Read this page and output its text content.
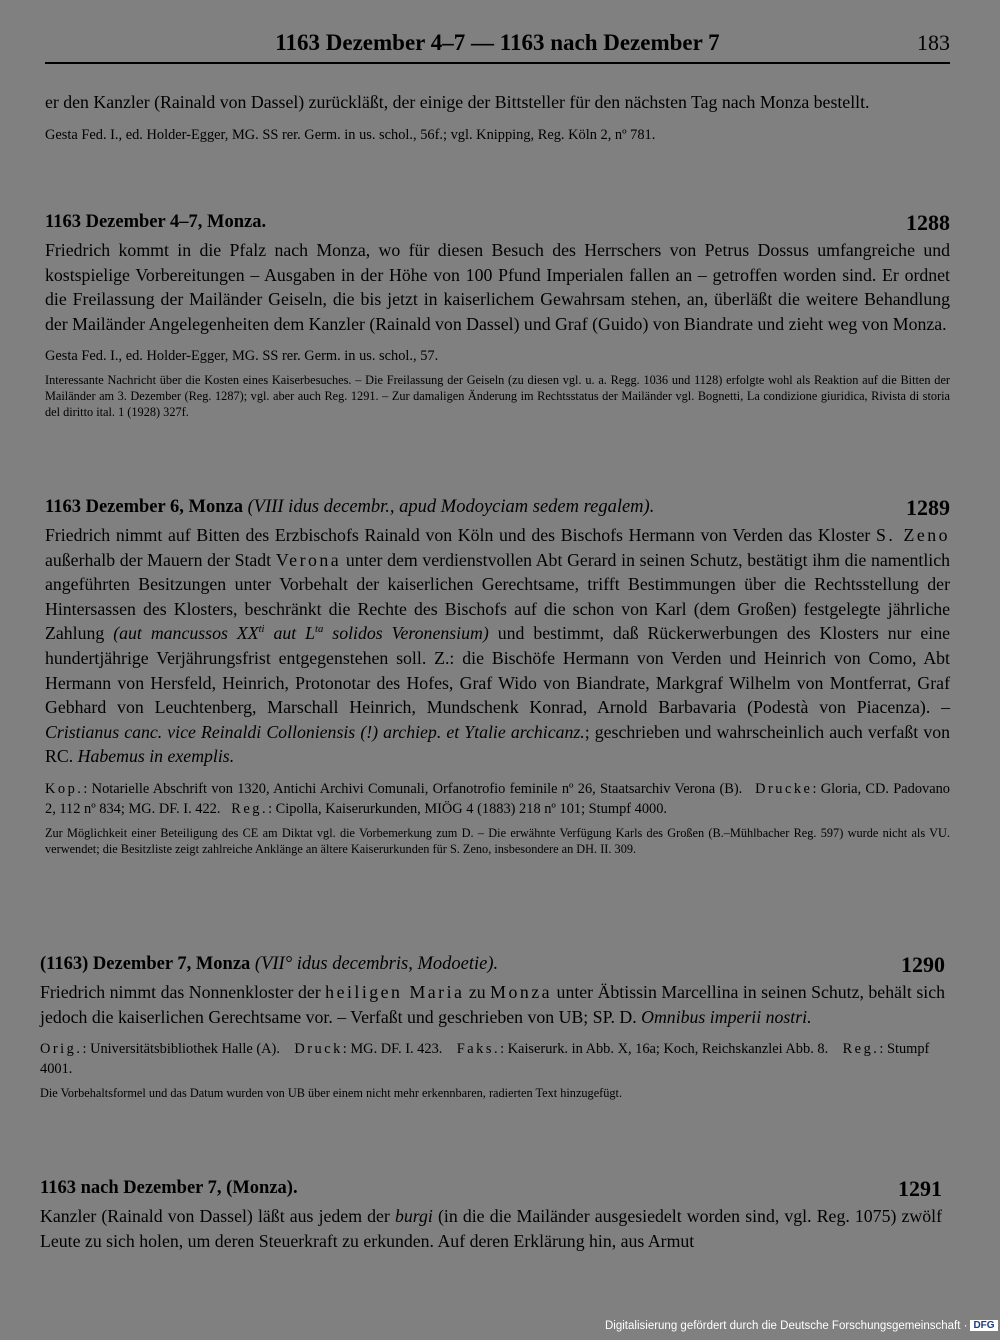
1163 Dezember 4–7 — 1163 nach Dezember 7	183

er den Kanzler (Rainald von Dassel) zurückläßt, der einige der Bittsteller für den nächsten Tag nach Monza bestellt.

Gesta Fed. I., ed. Holder-Egger, MG. SS rer. Germ. in us. schol., 56f.; vgl. Knipping, Reg. Köln 2, nº 781.

1163 Dezember 4–7, Monza.	1288

Friedrich kommt in die Pfalz nach Monza, wo für diesen Besuch des Herrschers von Petrus Dossus umfangreiche und kostspielige Vorbereitungen – Ausgaben in der Höhe von 100 Pfund Imperialen fallen an – getroffen worden sind. Er ordnet die Freilassung der Mailänder Geiseln, die bis jetzt in kaiserlichem Gewahrsam stehen, an, überläßt die weitere Behandlung der Mailänder Angelegenheiten dem Kanzler (Rainald von Dassel) und Graf (Guido) von Biandrate und zieht weg von Monza.

Gesta Fed. I., ed. Holder-Egger, MG. SS rer. Germ. in us. schol., 57.

Interessante Nachricht über die Kosten eines Kaiserbesuches. – Die Freilassung der Geiseln (zu diesen vgl. u. a. Regg. 1036 und 1128) erfolgte wohl als Reaktion auf die Bitten der Mailänder am 3. Dezember (Reg. 1287); vgl. aber auch Reg. 1291. – Zur damaligen Änderung im Rechtsstatus der Mailänder vgl. Bognetti, La condizione giuridica, Rivista di storia del diritto ital. 1 (1928) 327f.

1163 Dezember 6, Monza (VIII idus decembr., apud Modoyciam sedem regalem).	1289

Friedrich nimmt auf Bitten des Erzbischofs Rainald von Köln und des Bischofs Hermann von Verden das Kloster S. Zeno außerhalb der Mauern der Stadt Verona unter dem verdienstvollen Abt Gerard in seinen Schutz, bestätigt ihm die namentlich angeführten Besitzungen unter Vorbehalt der kaiserlichen Gerechtsame, trifft Bestimmungen über die Rechtsstellung der Hintersassen des Klosters, beschränkt die Rechte des Bischofs auf die schon von Karl (dem Großen) festgelegte jährliche Zahlung (aut mancussos $XX^{ti}$ aut $L^{ta}$ solidos Veronensium) und bestimmt, daß Rückerwerbungen des Klosters nur eine hundertjährige Verjährungsfrist entgegenstehen soll. Z.: die Bischöfe Hermann von Verden und Heinrich von Como, Abt Hermann von Hersfeld, Heinrich, Protonotar des Hofes, Graf Wido von Biandrate, Markgraf Wilhelm von Montferrat, Graf Gebhard von Leuchtenberg, Marschall Heinrich, Mundschenk Konrad, Arnold Barbavaria (Podestà von Piacenza). – Cristianus canc. vice Reinaldi Colloniensis (!) archiep. et Ytalie archicanz.; geschrieben und wahrscheinlich auch verfaßt von RC. Habemus in exemplis.

Kop.: Notarielle Abschrift von 1320, Antichi Archivi Comunali, Orfanotrofio feminile nº 26, Staatsarchiv Verona (B). Drucke: Gloria, CD. Padovano 2, 112 nº 834; MG. DF. I. 422. Reg.: Cipolla, Kaiserurkunden, MIÖG 4 (1883) 218 nº 101; Stumpf 4000.

Zur Möglichkeit einer Beteiligung des CE am Diktat vgl. die Vorbemerkung zum D. – Die erwähnte Verfügung Karls des Großen (B.–Mühlbacher Reg. 597) wurde nicht als VU. verwendet; die Besitzliste zeigt zahlreiche Anklänge an ältere Kaiserurkunden für S. Zeno, insbesondere an DH. II. 309.

(1163) Dezember 7, Monza (VII° idus decembris, Modoetie).	1290

Friedrich nimmt das Nonnenkloster der heiligen Maria zu Monza unter Äbtissin Marcellina in seinen Schutz, behält sich jedoch die kaiserlichen Gerechtsame vor. – Verfaßt und geschrieben von UB; SP. D. Omnibus imperii nostri.

Orig.: Universitätsbibliothek Halle (A). Druck: MG. DF. I. 423. Faks.: Kaiserurk. in Abb. X, 16a; Koch, Reichskanzlei Abb. 8. Reg.: Stumpf 4001.

Die Vorbehaltsformel und das Datum wurden von UB über einem nicht mehr erkennbaren, radierten Text hinzugefügt.

1163 nach Dezember 7, (Monza).	1291

Kanzler (Rainald von Dassel) läßt aus jedem der burgi (in die die Mailänder ausgesiedelt worden sind, vgl. Reg. 1075) zwölf Leute zu sich holen, um deren Steuerkraft zu erkunden. Auf deren Erklärung hin, aus Armut

Digitalisierung gefördert durch die Deutsche Forschungsgemeinschaft · DFG
